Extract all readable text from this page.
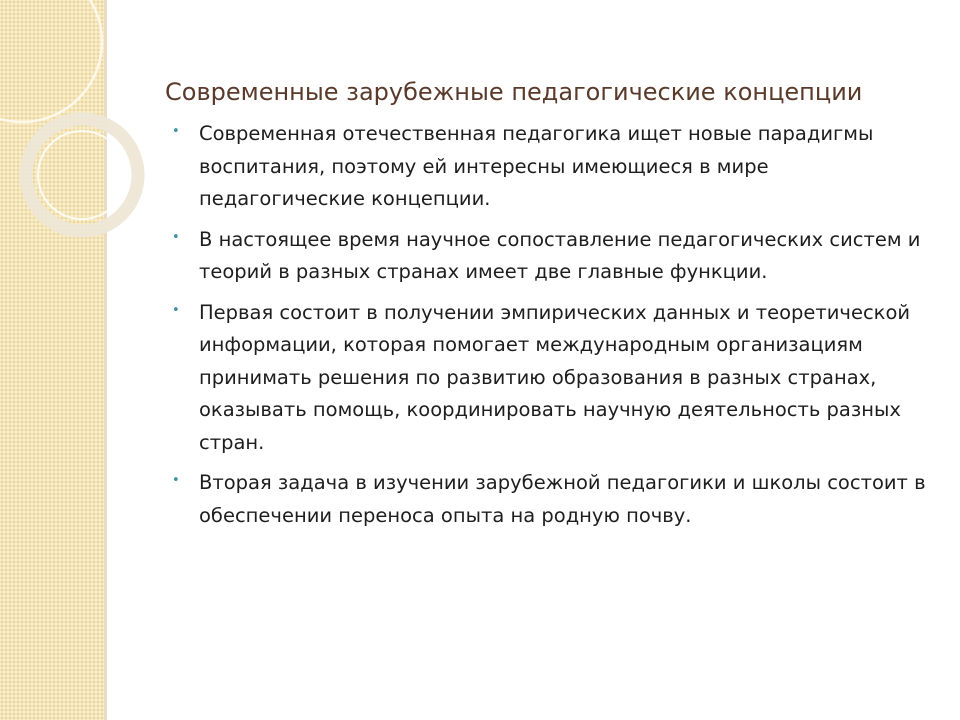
Современные зарубежные педагогические концепции
• Современная отечественная педагогика ищет новые парадигмы воспитания, поэтому ей интересны имеющиеся в мире педагогические концепции.
• В настоящее время научное сопоставление педагогических систем и теорий в разных странах имеет две главные функции.
• Первая состоит в получении эмпирических данных и теоретической информации, которая помогает международным организациям принимать решения по развитию образования в разных странах, оказывать помощь, координировать научную деятельность разных стран.
• Вторая задача в изучении зарубежной педагогики и школы состоит в обеспечении переноса опыта на родную почву.
